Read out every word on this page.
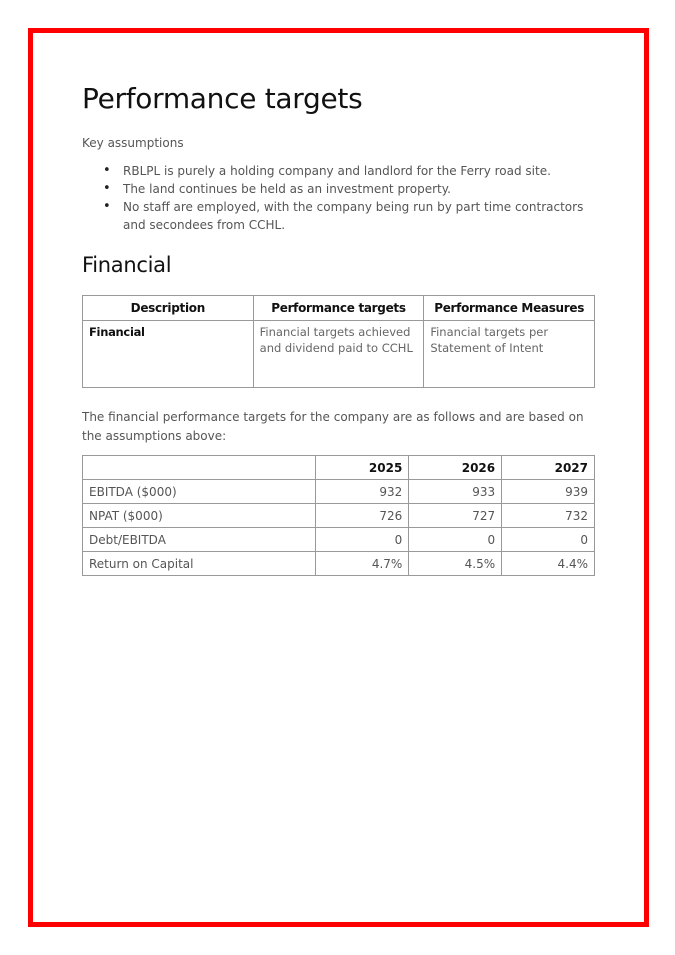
Performance targets

Key assumptions

• RBLPL is purely a holding company and landlord for the Ferry road site.
• The land continues be held as an investment property.
• No staff are employed, with the company being run by part time contractors and secondees from CCHL.
Financial
Description	Performance targets	Performance Measures
Financial	Financial targets achieved and dividend paid to CCHL	Financial targets per Statement of Intent

The financial performance targets for the company are as follows and are based on the assumptions above:

	2025	2026	2027
EBITDA ($000)	932	933	939
NPAT ($000)	726	727	732
Debt/EBITDA	0	0	0
Return on Capital	4.7%	4.5%	4.4%
